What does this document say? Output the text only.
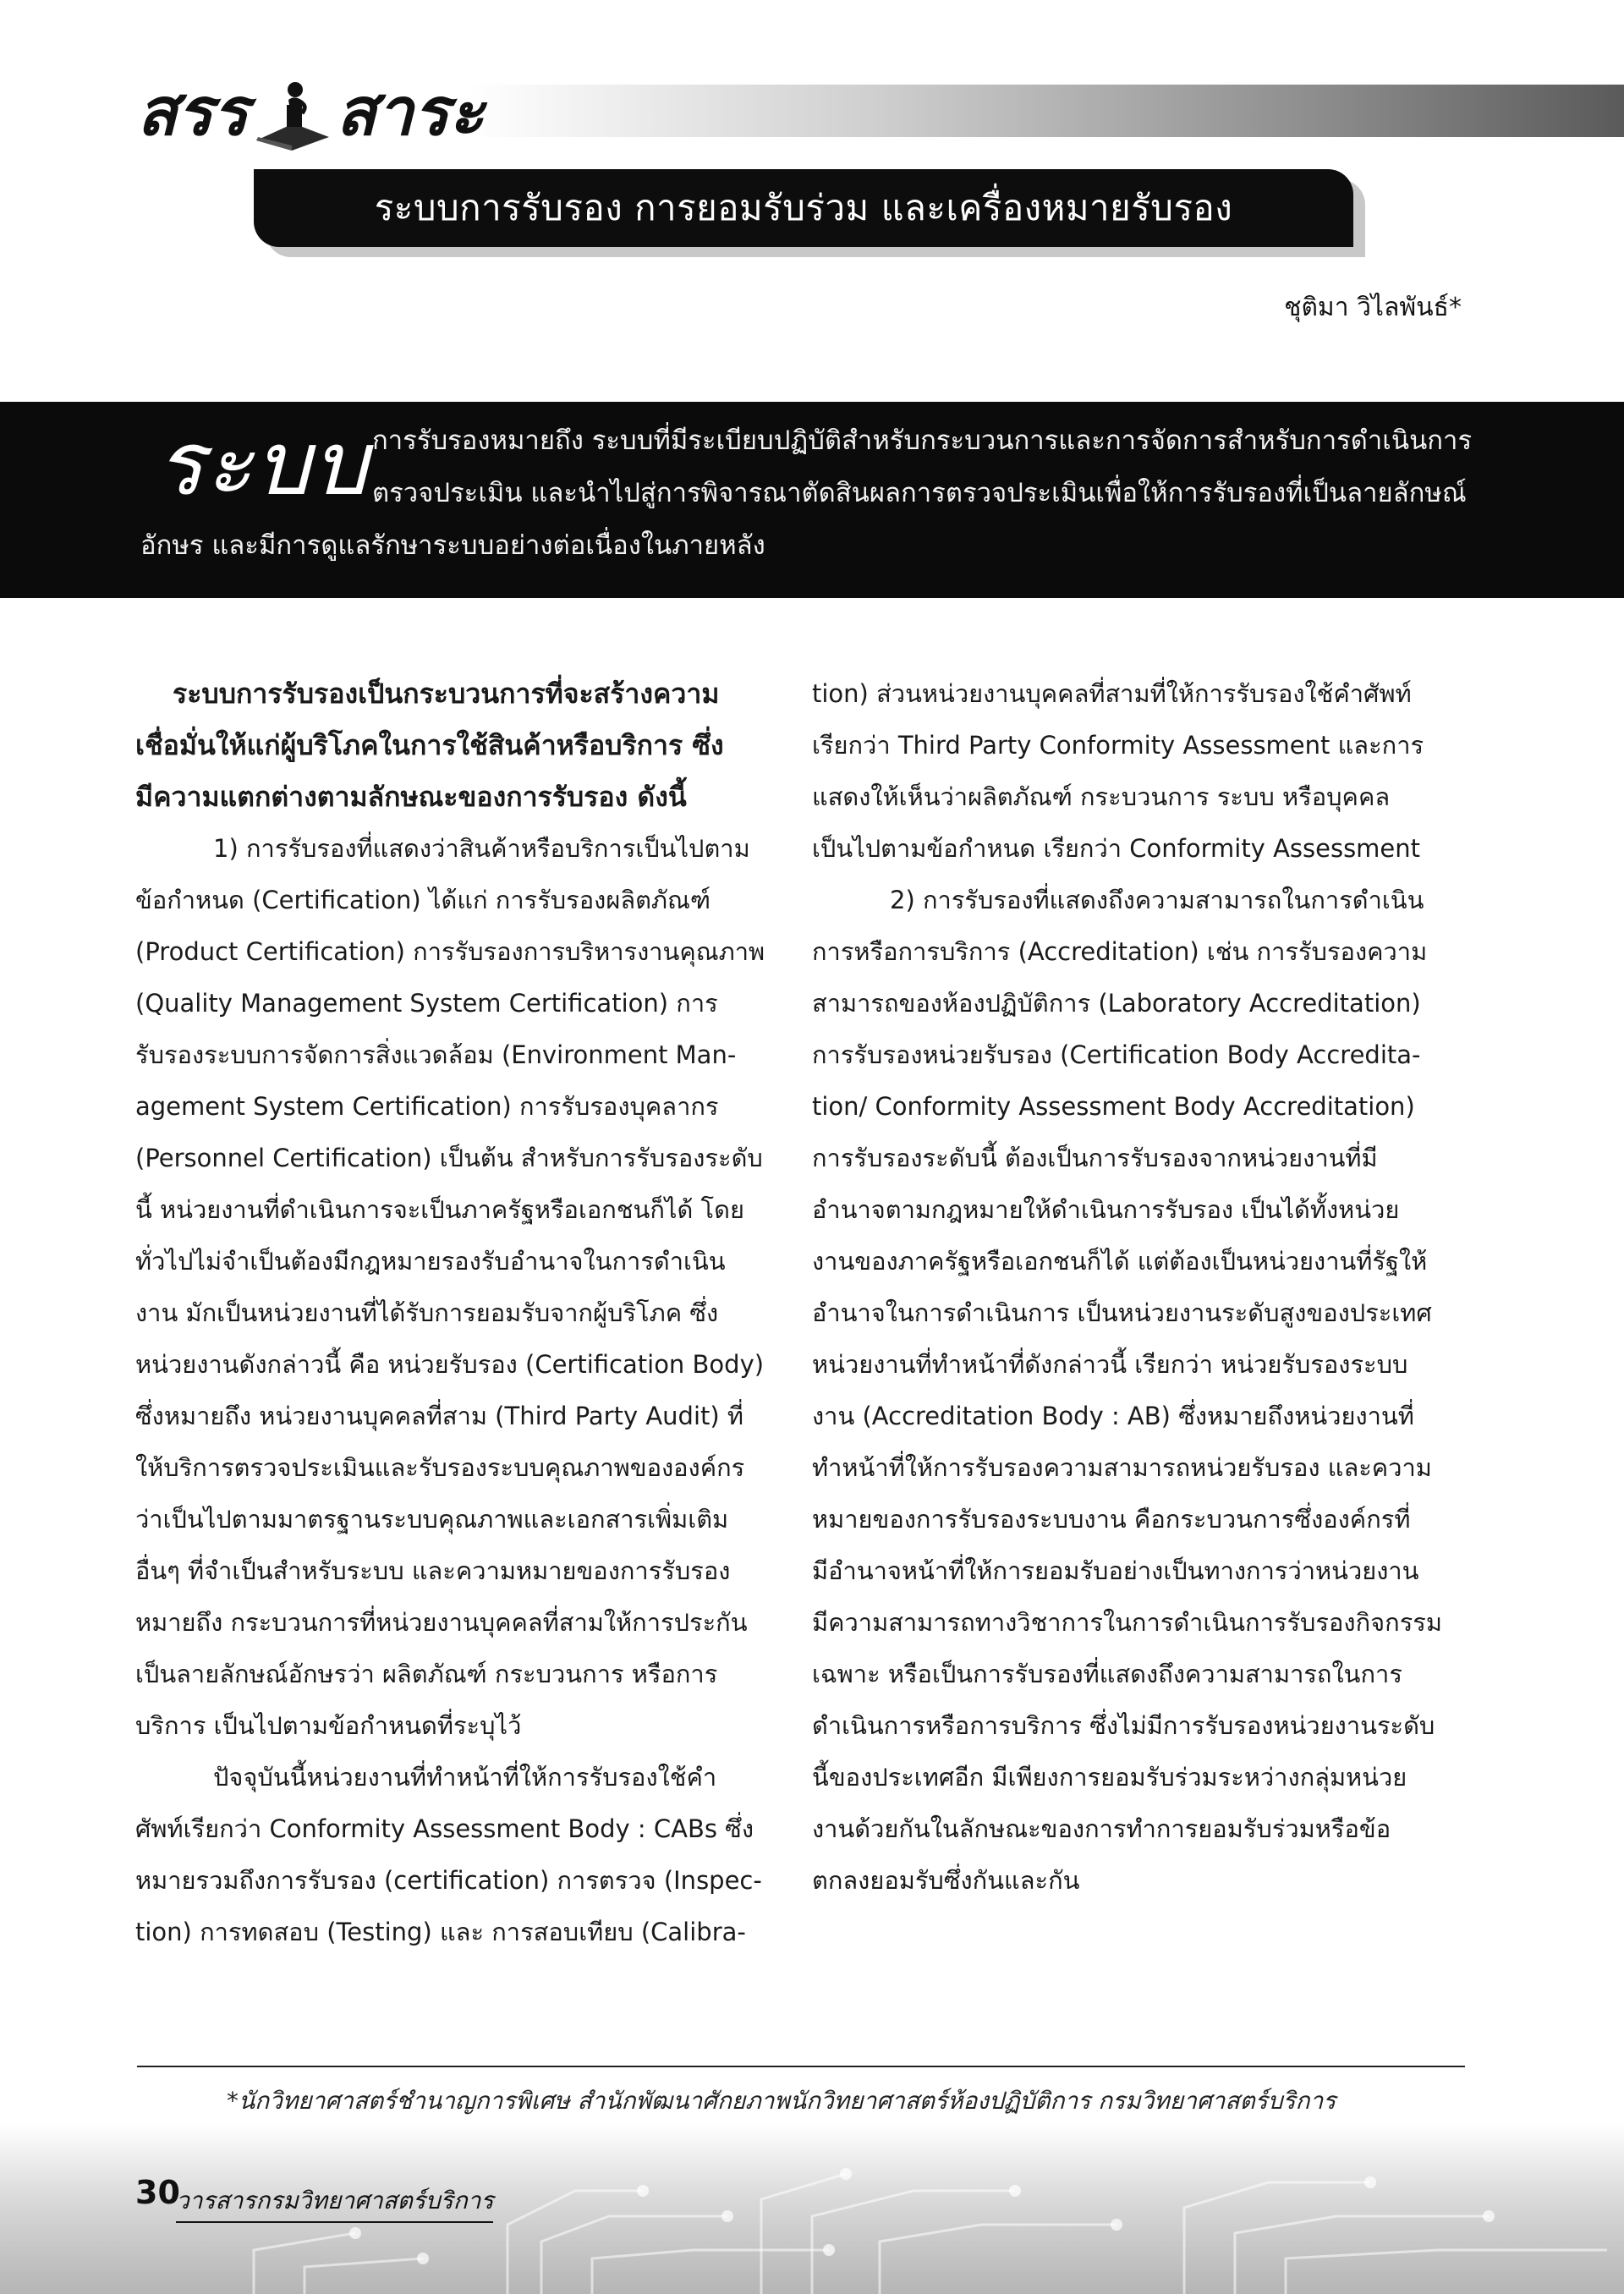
สรร สาระ
ระบบการรับรอง การยอมรับร่วม และเครื่องหมายรับรอง
ชุติมา วิไลพันธ์*
ระบบ การรับรองหมายถึง ระบบที่มีระเบียบปฏิบัติสำหรับกระบวนการและการจัดการสำหรับการดำเนินการ
ตรวจประเมิน และนำไปสู่การพิจารณาตัดสินผลการตรวจประเมินเพื่อให้การรับรองที่เป็นลายลักษณ์
อักษร และมีการดูแลรักษาระบบอย่างต่อเนื่องในภายหลัง
ระบบการรับรองเป็นกระบวนการที่จะสร้างความ
เชื่อมั่นให้แก่ผู้บริโภคในการใช้สินค้าหรือบริการ ซึ่ง
มีความแตกต่างตามลักษณะของการรับรอง ดังนี้
1) การรับรองที่แสดงว่าสินค้าหรือบริการเป็นไปตาม
ข้อกำหนด (Certification) ได้แก่ การรับรองผลิตภัณฑ์
(Product Certification) การรับรองการบริหารงานคุณภาพ
(Quality Management System Certification) การ
รับรองระบบการจัดการสิ่งแวดล้อม (Environment Man-
agement System Certification) การรับรองบุคลากร
(Personnel Certification) เป็นต้น สำหรับการรับรองระดับ
นี้ หน่วยงานที่ดำเนินการจะเป็นภาครัฐหรือเอกชนก็ได้ โดย
ทั่วไปไม่จำเป็นต้องมีกฎหมายรองรับอำนาจในการดำเนิน
งาน มักเป็นหน่วยงานที่ได้รับการยอมรับจากผู้บริโภค ซึ่ง
หน่วยงานดังกล่าวนี้ คือ หน่วยรับรอง (Certification Body)
ซึ่งหมายถึง หน่วยงานบุคคลที่สาม (Third Party Audit) ที่
ให้บริการตรวจประเมินและรับรองระบบคุณภาพขององค์กร
ว่าเป็นไปตามมาตรฐานระบบคุณภาพและเอกสารเพิ่มเติม
อื่นๆ ที่จำเป็นสำหรับระบบ และความหมายของการรับรอง
หมายถึง กระบวนการที่หน่วยงานบุคคลที่สามให้การประกัน
เป็นลายลักษณ์อักษรว่า ผลิตภัณฑ์ กระบวนการ หรือการ
บริการ เป็นไปตามข้อกำหนดที่ระบุไว้
ปัจจุบันนี้หน่วยงานที่ทำหน้าที่ให้การรับรองใช้คำ
ศัพท์เรียกว่า Conformity Assessment Body : CABs ซึ่ง
หมายรวมถึงการรับรอง (certification) การตรวจ (Inspec-
tion) การทดสอบ (Testing) และ การสอบเทียบ (Calibra-
tion) ส่วนหน่วยงานบุคคลที่สามที่ให้การรับรองใช้คำศัพท์
เรียกว่า Third Party Conformity Assessment และการ
แสดงให้เห็นว่าผลิตภัณฑ์ กระบวนการ ระบบ หรือบุคคล
เป็นไปตามข้อกำหนด เรียกว่า Conformity Assessment
2) การรับรองที่แสดงถึงความสามารถในการดำเนิน
การหรือการบริการ (Accreditation) เช่น การรับรองความ
สามารถของห้องปฏิบัติการ (Laboratory Accreditation)
การรับรองหน่วยรับรอง (Certification Body Accredita-
tion/ Conformity Assessment Body Accreditation)
การรับรองระดับนี้ ต้องเป็นการรับรองจากหน่วยงานที่มี
อำนาจตามกฎหมายให้ดำเนินการรับรอง เป็นได้ทั้งหน่วย
งานของภาครัฐหรือเอกชนก็ได้ แต่ต้องเป็นหน่วยงานที่รัฐให้
อำนาจในการดำเนินการ เป็นหน่วยงานระดับสูงของประเทศ
หน่วยงานที่ทำหน้าที่ดังกล่าวนี้ เรียกว่า หน่วยรับรองระบบ
งาน (Accreditation Body : AB) ซึ่งหมายถึงหน่วยงานที่
ทำหน้าที่ให้การรับรองความสามารถหน่วยรับรอง และความ
หมายของการรับรองระบบงาน คือกระบวนการซึ่งองค์กรที่
มีอำนาจหน้าที่ให้การยอมรับอย่างเป็นทางการว่าหน่วยงาน
มีความสามารถทางวิชาการในการดำเนินการรับรองกิจกรรม
เฉพาะ หรือเป็นการรับรองที่แสดงถึงความสามารถในการ
ดำเนินการหรือการบริการ ซึ่งไม่มีการรับรองหน่วยงานระดับ
นี้ของประเทศอีก มีเพียงการยอมรับร่วมระหว่างกลุ่มหน่วย
งานด้วยกันในลักษณะของการทำการยอมรับร่วมหรือข้อ
ตกลงยอมรับซึ่งกันและกัน
*นักวิทยาศาสตร์ชำนาญการพิเศษ สำนักพัฒนาศักยภาพนักวิทยาศาสตร์ห้องปฏิบัติการ กรมวิทยาศาสตร์บริการ
30
วารสารกรมวิทยาศาสตร์บริการ
